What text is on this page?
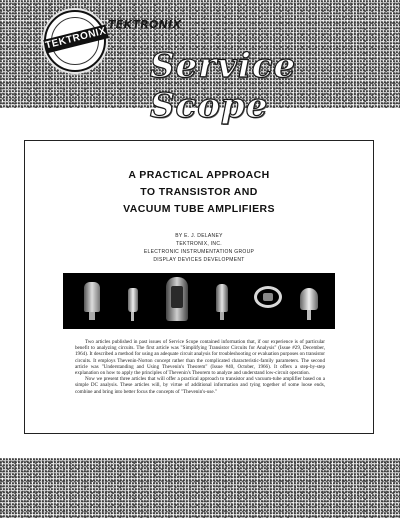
TEKTRONIX
TEKTRONIX
Service Scope
A PRACTICAL APPROACH
TO TRANSISTOR AND
VACUUM TUBE AMPLIFIERS
BY E. J. DELANEY
TEKTRONIX, INC.
ELECTRONIC INSTRUMENTATION GROUP
DISPLAY DEVICES DEVELOPMENT

Two articles published in past issues of Service Scope contained information that, if our experience is of particular benefit to analyzing circuits. The first article was "Simplifying Transistor Circuits for Analysis" (Issue #29, December, 1964). It described a method for using an adequate circuit analysis for troubleshooting or evaluation purposes on transistor circuits. It employs Thevenin-Norton concept rather than the complicated characteristic-family parameters. The second article was "Understanding and Using Thevenin's Theorem" (Issue #40, October, 1966). It offers a step-by-step explanation on how to apply the principles of Thevenin's Theorem to analyze and understand low-circuit operation.

Now we present three articles that will offer a practical approach to transistor and vacuum-tube amplifier based on a simple DC analysis. These articles will, by virtue of additional information and tying together of some loose ends, combine and bring into better focus the concepts of "Thevenin's-use."
